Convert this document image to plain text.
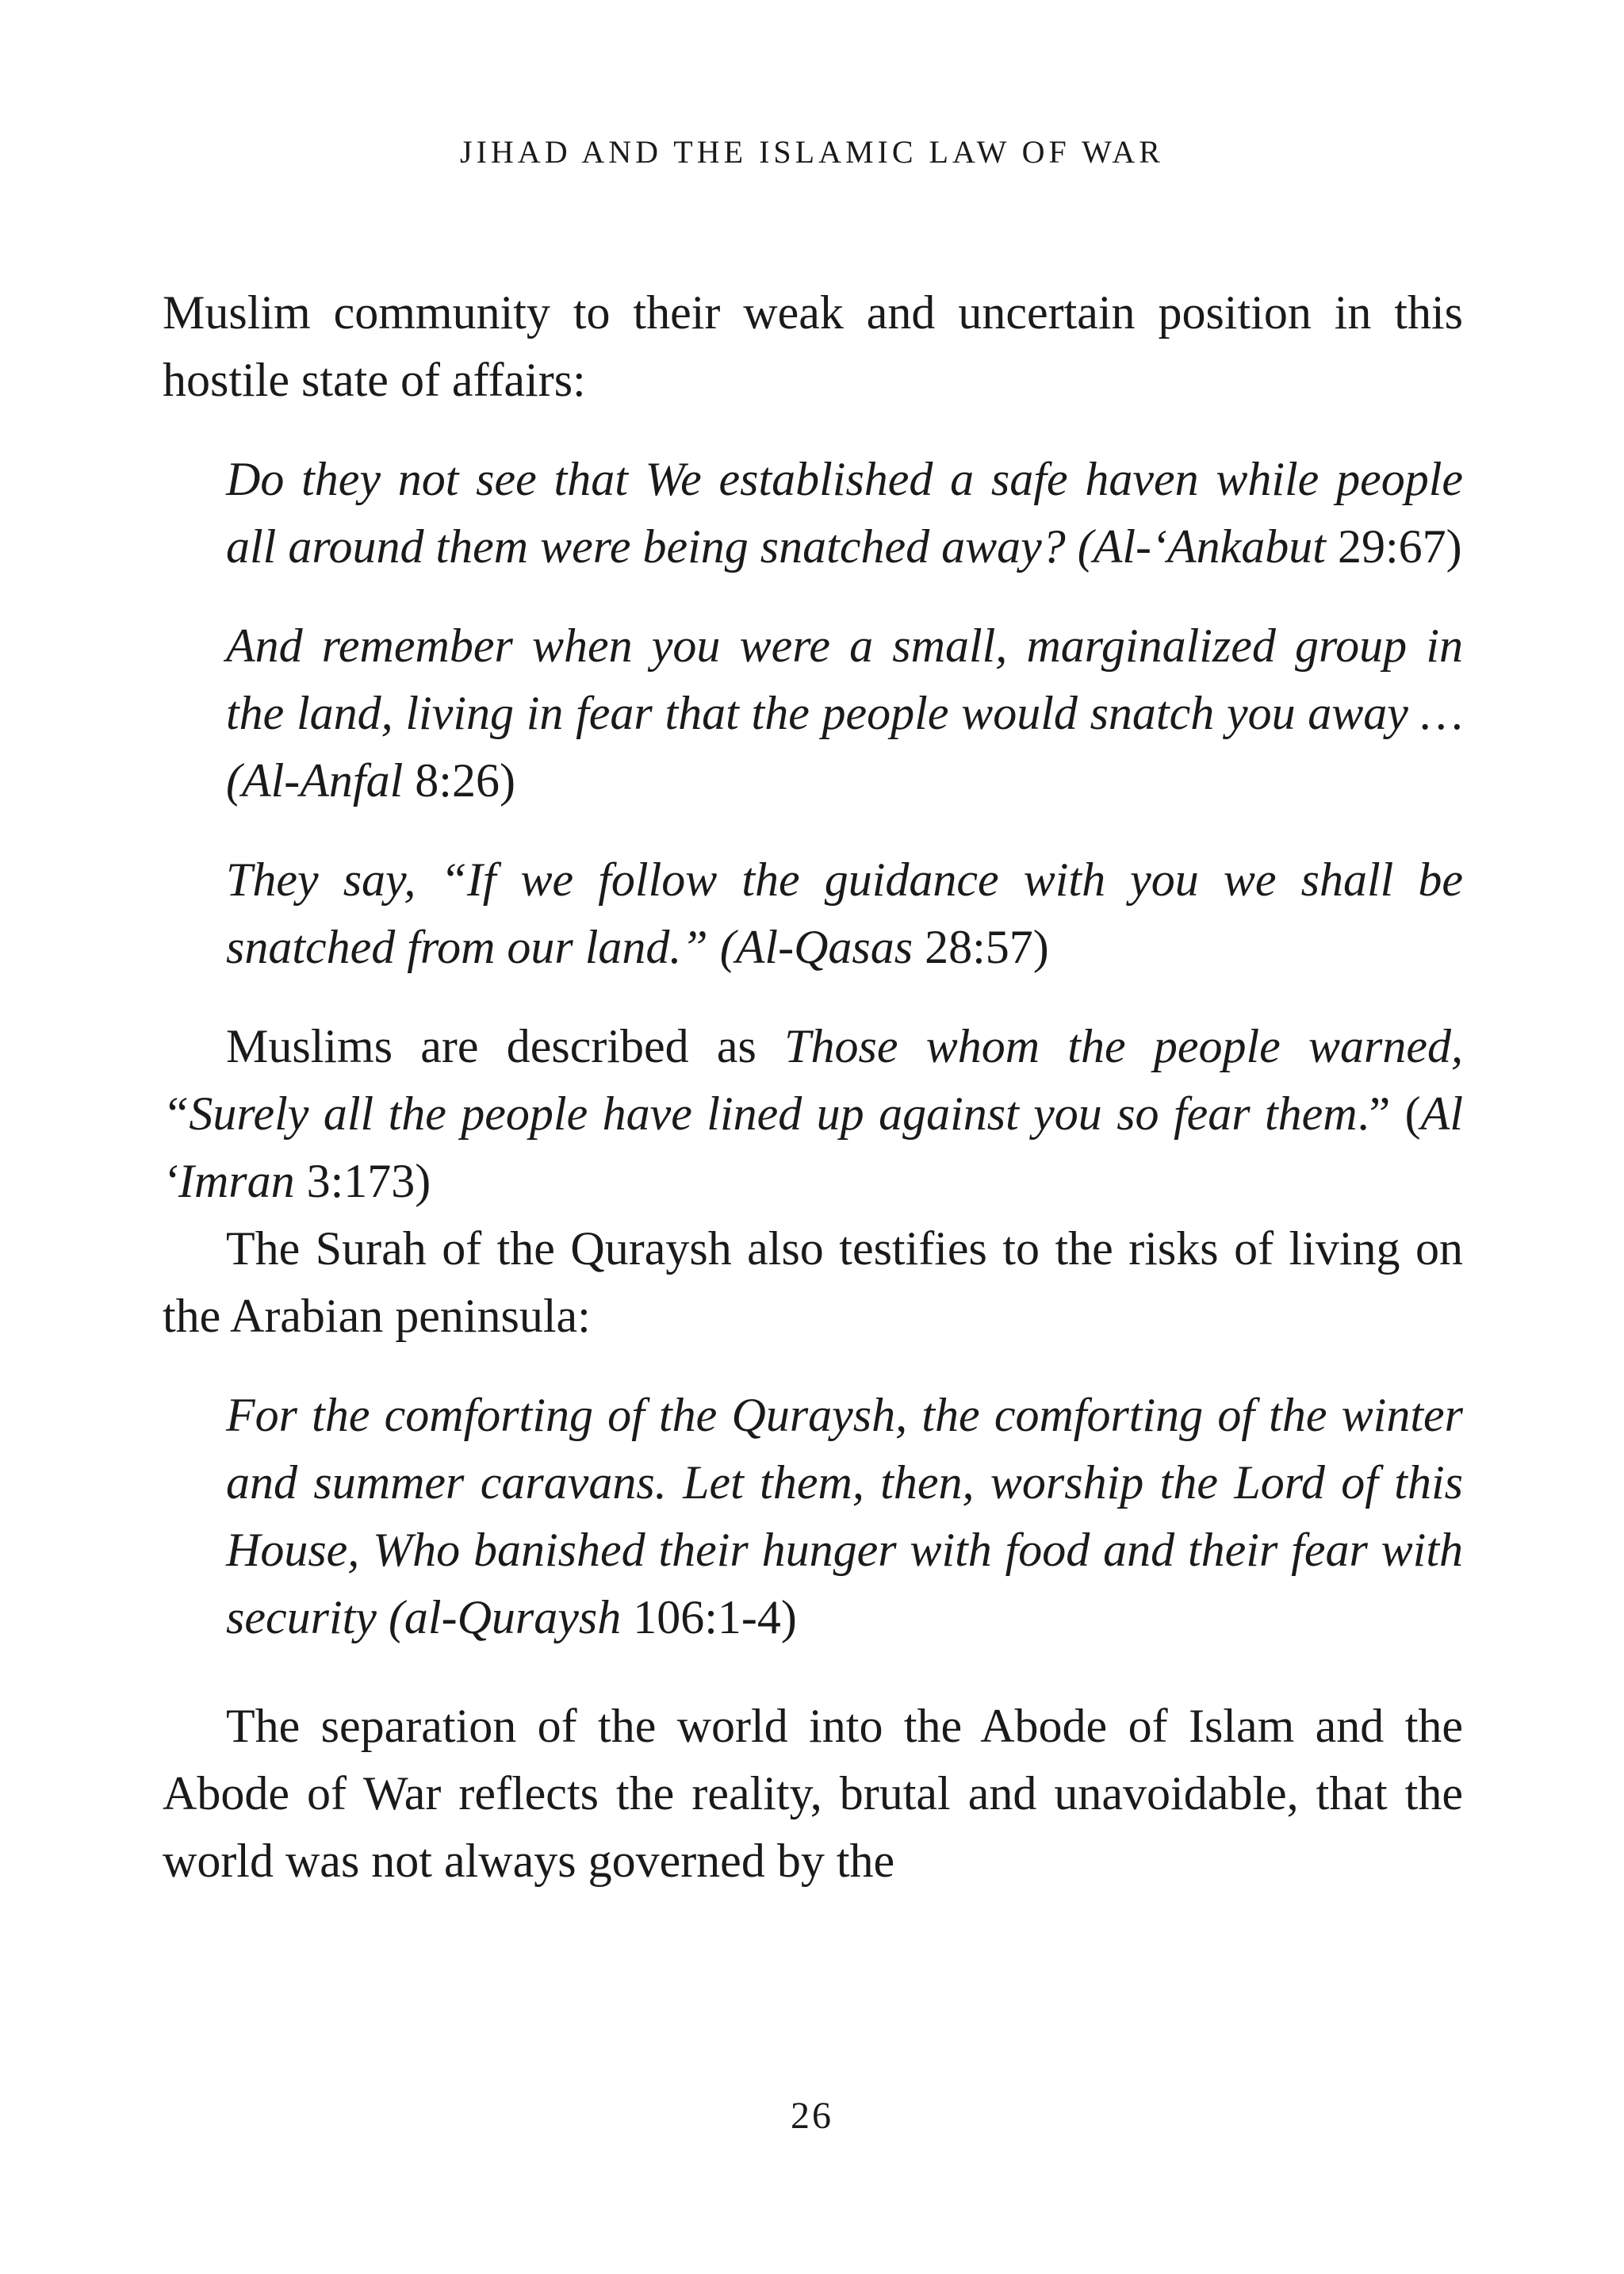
JIHAD AND THE ISLAMIC LAW OF WAR

Muslim community to their weak and uncertain position in this hostile state of affairs:

Do they not see that We established a safe haven while people all around them were being snatched away? (Al-‘Ankabut 29:67)

And remember when you were a small, marginalized group in the land, living in fear that the people would snatch you away … (Al-Anfal 8:26)

They say, “If we follow the guidance with you we shall be snatched from our land.” (Al-Qasas 28:57)

Muslims are described as Those whom the people warned, “Surely all the people have lined up against you so fear them.” (Al ‘Imran 3:173)

The Surah of the Quraysh also testifies to the risks of living on the Arabian peninsula:

For the comforting of the Quraysh, the comforting of the winter and summer caravans. Let them, then, worship the Lord of this House, Who banished their hunger with food and their fear with security (al-Quraysh 106:1-4)

The separation of the world into the Abode of Islam and the Abode of War reflects the reality, brutal and unavoidable, that the world was not always governed by the

26
